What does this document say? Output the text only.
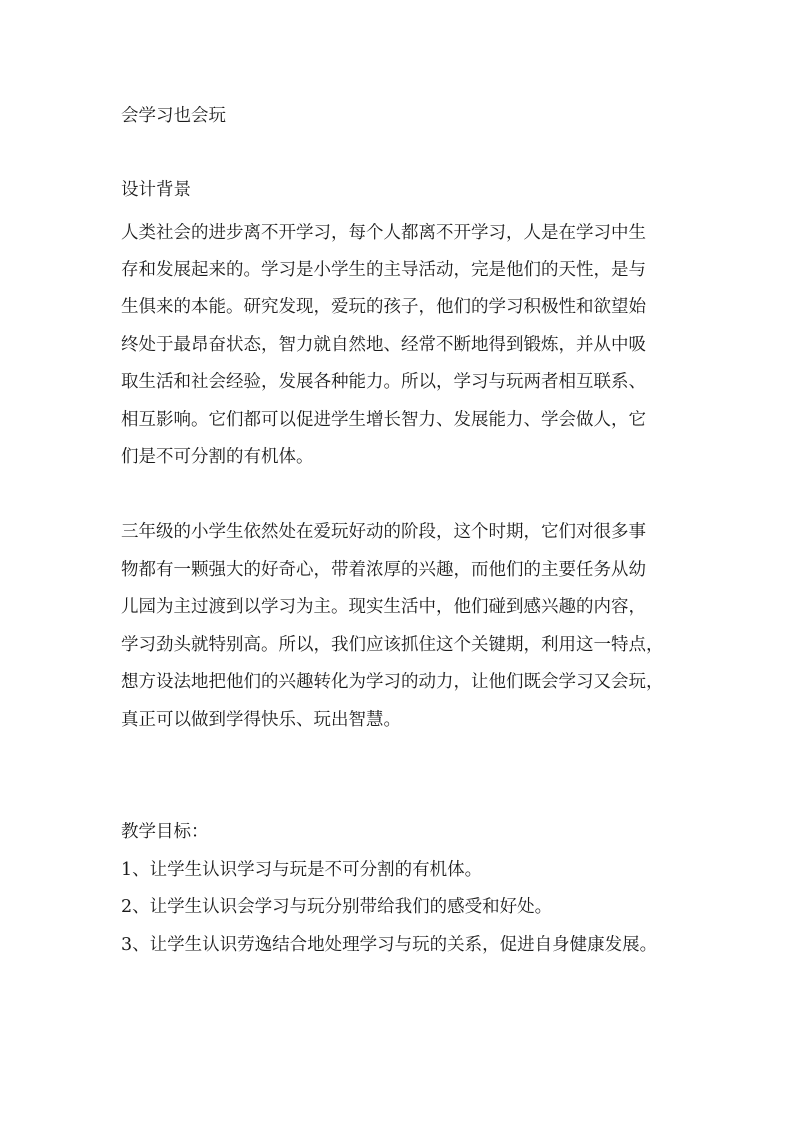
会学习也会玩
设计背景
人类社会的进步离不开学习，每个人都离不开学习，人是在学习中生
存和发展起来的。学习是小学生的主导活动，完是他们的天性，是与
生俱来的本能。研究发现，爱玩的孩子，他们的学习积极性和欲望始
终处于最昂奋状态，智力就自然地、经常不断地得到锻炼，并从中吸
取生活和社会经验，发展各种能力。所以，学习与玩两者相互联系、
相互影响。它们都可以促进学生增长智力、发展能力、学会做人，它
们是不可分割的有机体。
三年级的小学生依然处在爱玩好动的阶段，这个时期，它们对很多事
物都有一颗强大的好奇心，带着浓厚的兴趣，而他们的主要任务从幼
儿园为主过渡到以学习为主。现实生活中，他们碰到感兴趣的内容，
学习劲头就特别高。所以，我们应该抓住这个关键期，利用这一特点，
想方设法地把他们的兴趣转化为学习的动力，让他们既会学习又会玩，
真正可以做到学得快乐、玩出智慧。
教学目标：
1、让学生认识学习与玩是不可分割的有机体。
2、让学生认识会学习与玩分别带给我们的感受和好处。
3、让学生认识劳逸结合地处理学习与玩的关系，促进自身健康发展。
